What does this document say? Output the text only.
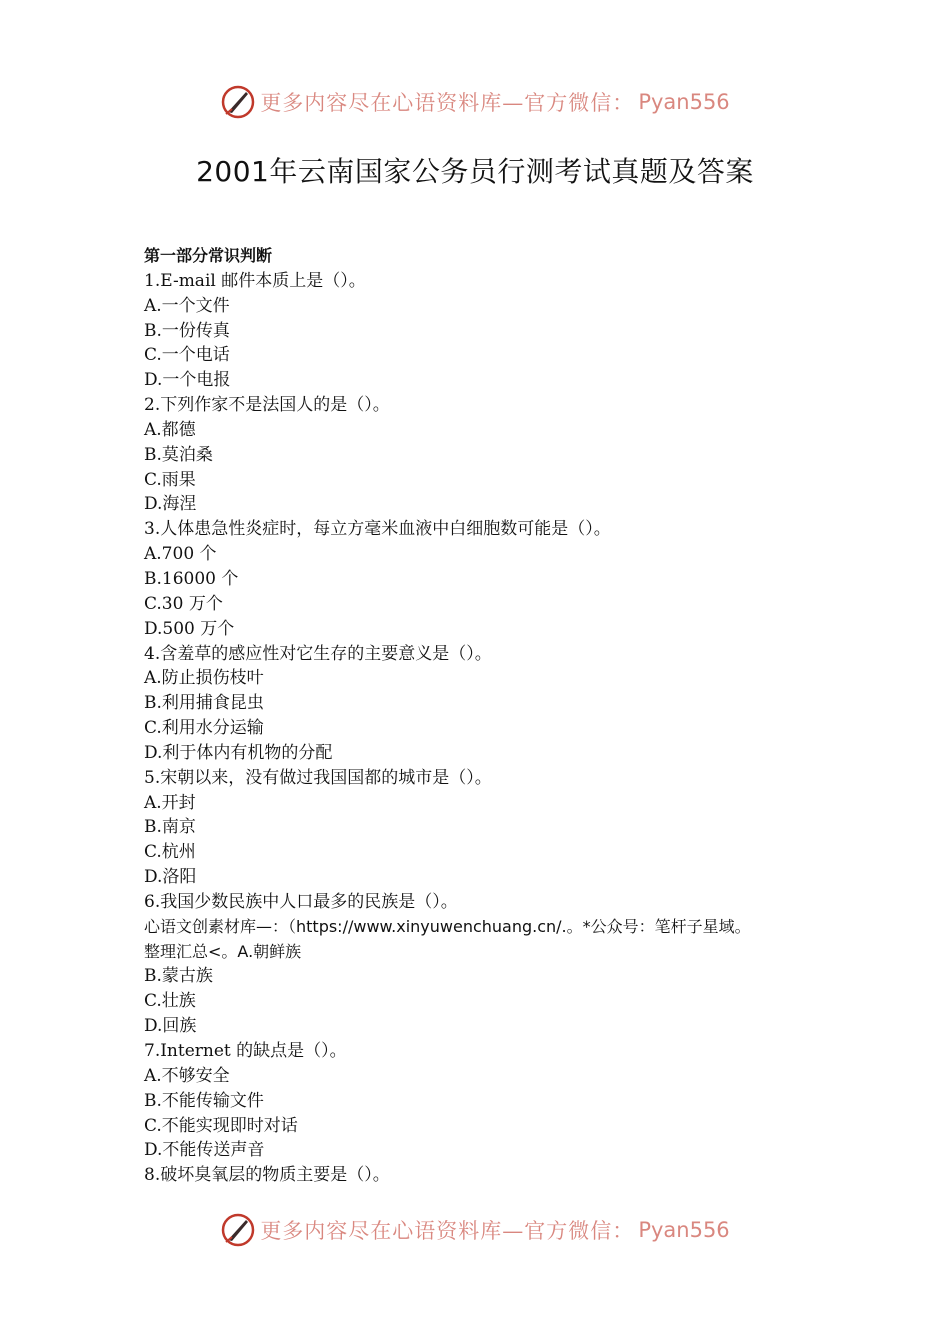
更多内容尽在心语资料库—官方微信： Pyan556
2001年云南国家公务员行测考试真题及答案
第一部分常识判断
1.E-mail 邮件本质上是（）。
A.一个文件
B.一份传真
C.一个电话
D.一个电报
2.下列作家不是法国人的是（）。
A.都德
B.莫泊桑
C.雨果
D.海涅
3.人体患急性炎症时，每立方毫米血液中白细胞数可能是（）。
A.700 个
B.16000 个
C.30 万个
D.500 万个
4.含羞草的感应性对它生存的主要意义是（）。
A.防止损伤枝叶
B.利用捕食昆虫
C.利用水分运输
D.利于体内有机物的分配
5.宋朝以来，没有做过我国国都的城市是（）。
A.开封
B.南京
C.杭州
D.洛阳
6.我国少数民族中人口最多的民族是（）。
心语文创素材库—：（https://www.xinyuwenchuang.cn/.。*公众号：笔杆子星域。
整理汇总<。A.朝鲜族
B.蒙古族
C.壮族
D.回族
7.Internet 的缺点是（）。
A.不够安全
B.不能传输文件
C.不能实现即时对话
D.不能传送声音
8.破坏臭氧层的物质主要是（）。
更多内容尽在心语资料库—官方微信： Pyan556
